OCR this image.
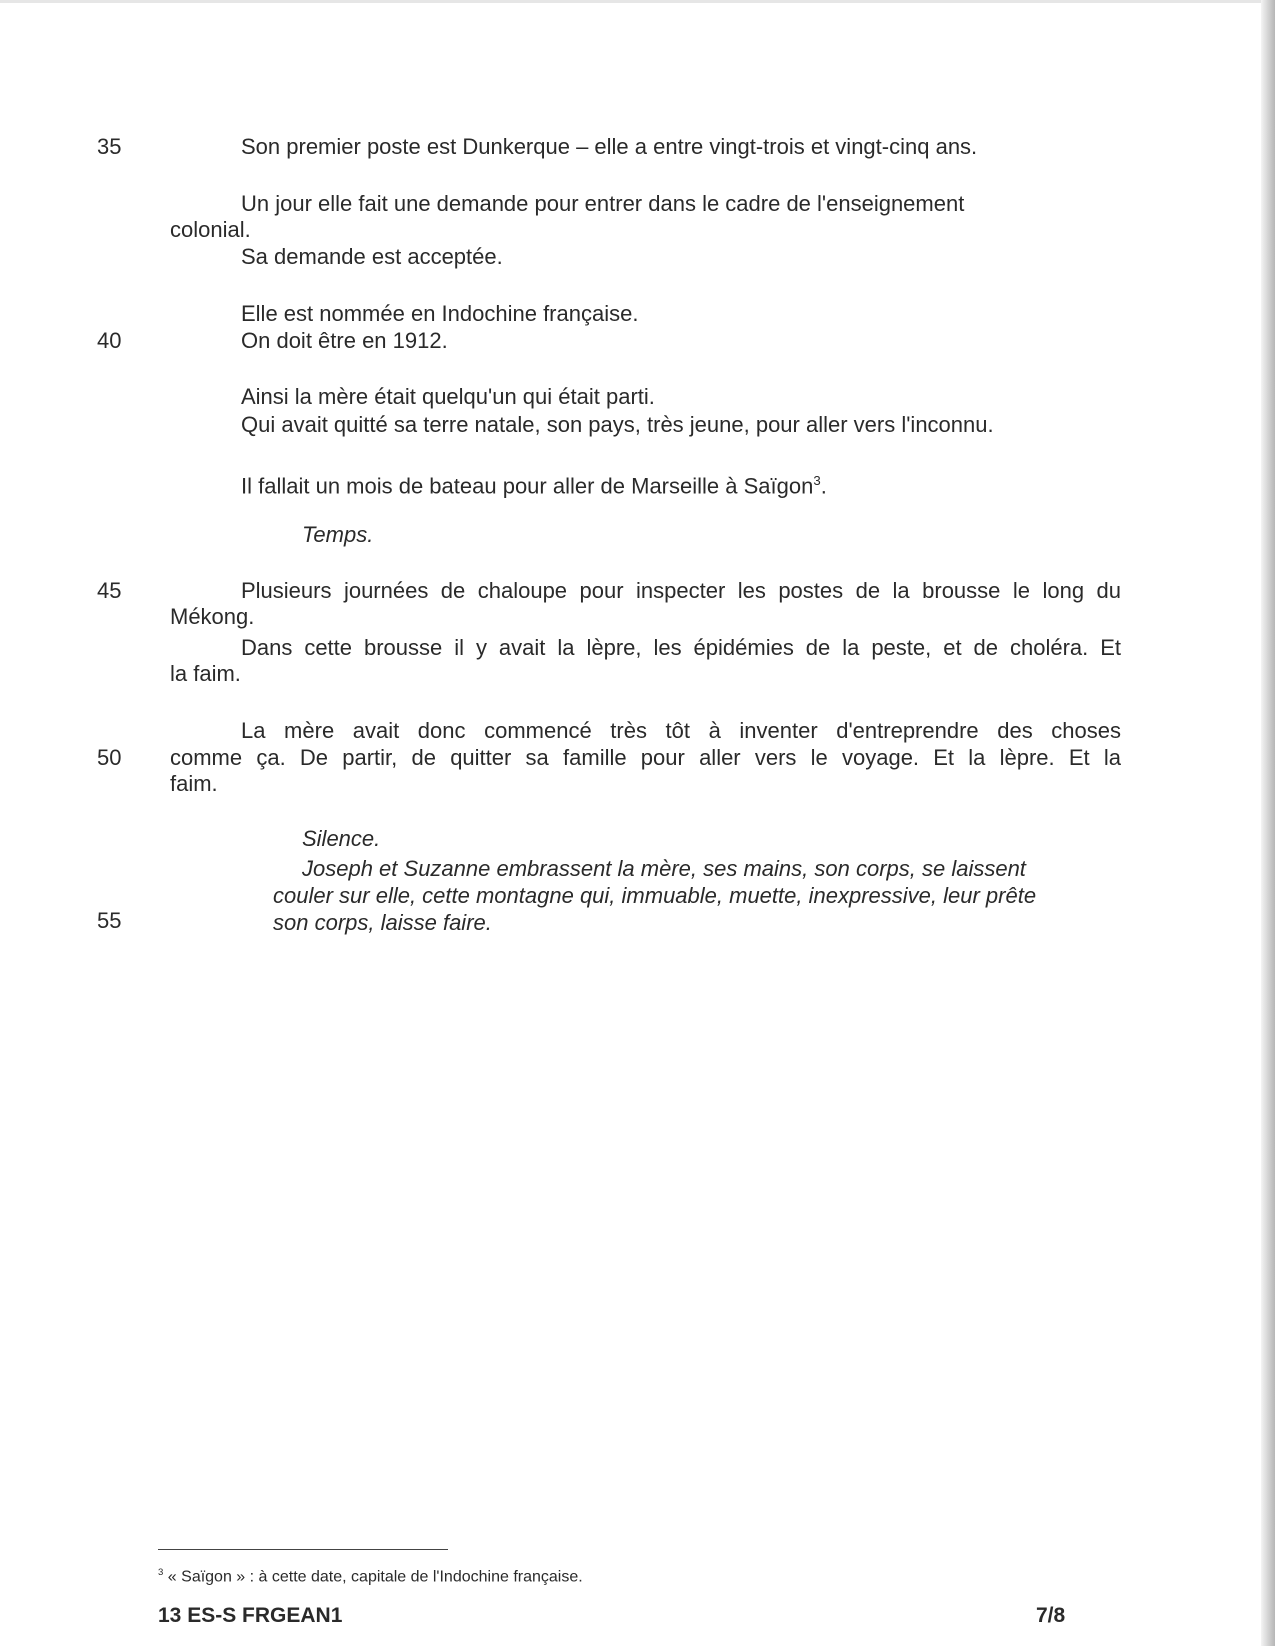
35
40
45
50
55
Son premier poste est Dunkerque – elle a entre vingt-trois et vingt-cinq ans.
Un jour elle fait une demande pour entrer dans le cadre de l'enseignement
colonial.
Sa demande est acceptée.
Elle est nommée en Indochine française.
On doit être en 1912.
Ainsi la mère était quelqu'un qui était parti.
Qui avait quitté sa terre natale, son pays, très jeune, pour aller vers l'inconnu.
Il fallait un mois de bateau pour aller de Marseille à Saïgon$^3$.
Temps.
Plusieurs journées de chaloupe pour inspecter les postes de la brousse le long du
Mékong.
Dans cette brousse il y avait la lèpre, les épidémies de la peste, et de choléra. Et
la faim.
La mère avait donc commencé très tôt à inventer d'entreprendre des choses
comme ça. De partir, de quitter sa famille pour aller vers le voyage. Et la lèpre. Et la
faim.
Silence.
Joseph et Suzanne embrassent la mère, ses mains, son corps, se laissent
couler sur elle, cette montagne qui, immuable, muette, inexpressive, leur prête
son corps, laisse faire.
$^3$ « Saïgon » : à cette date, capitale de l'Indochine française.
13 ES-S FRGEAN1	7/8
